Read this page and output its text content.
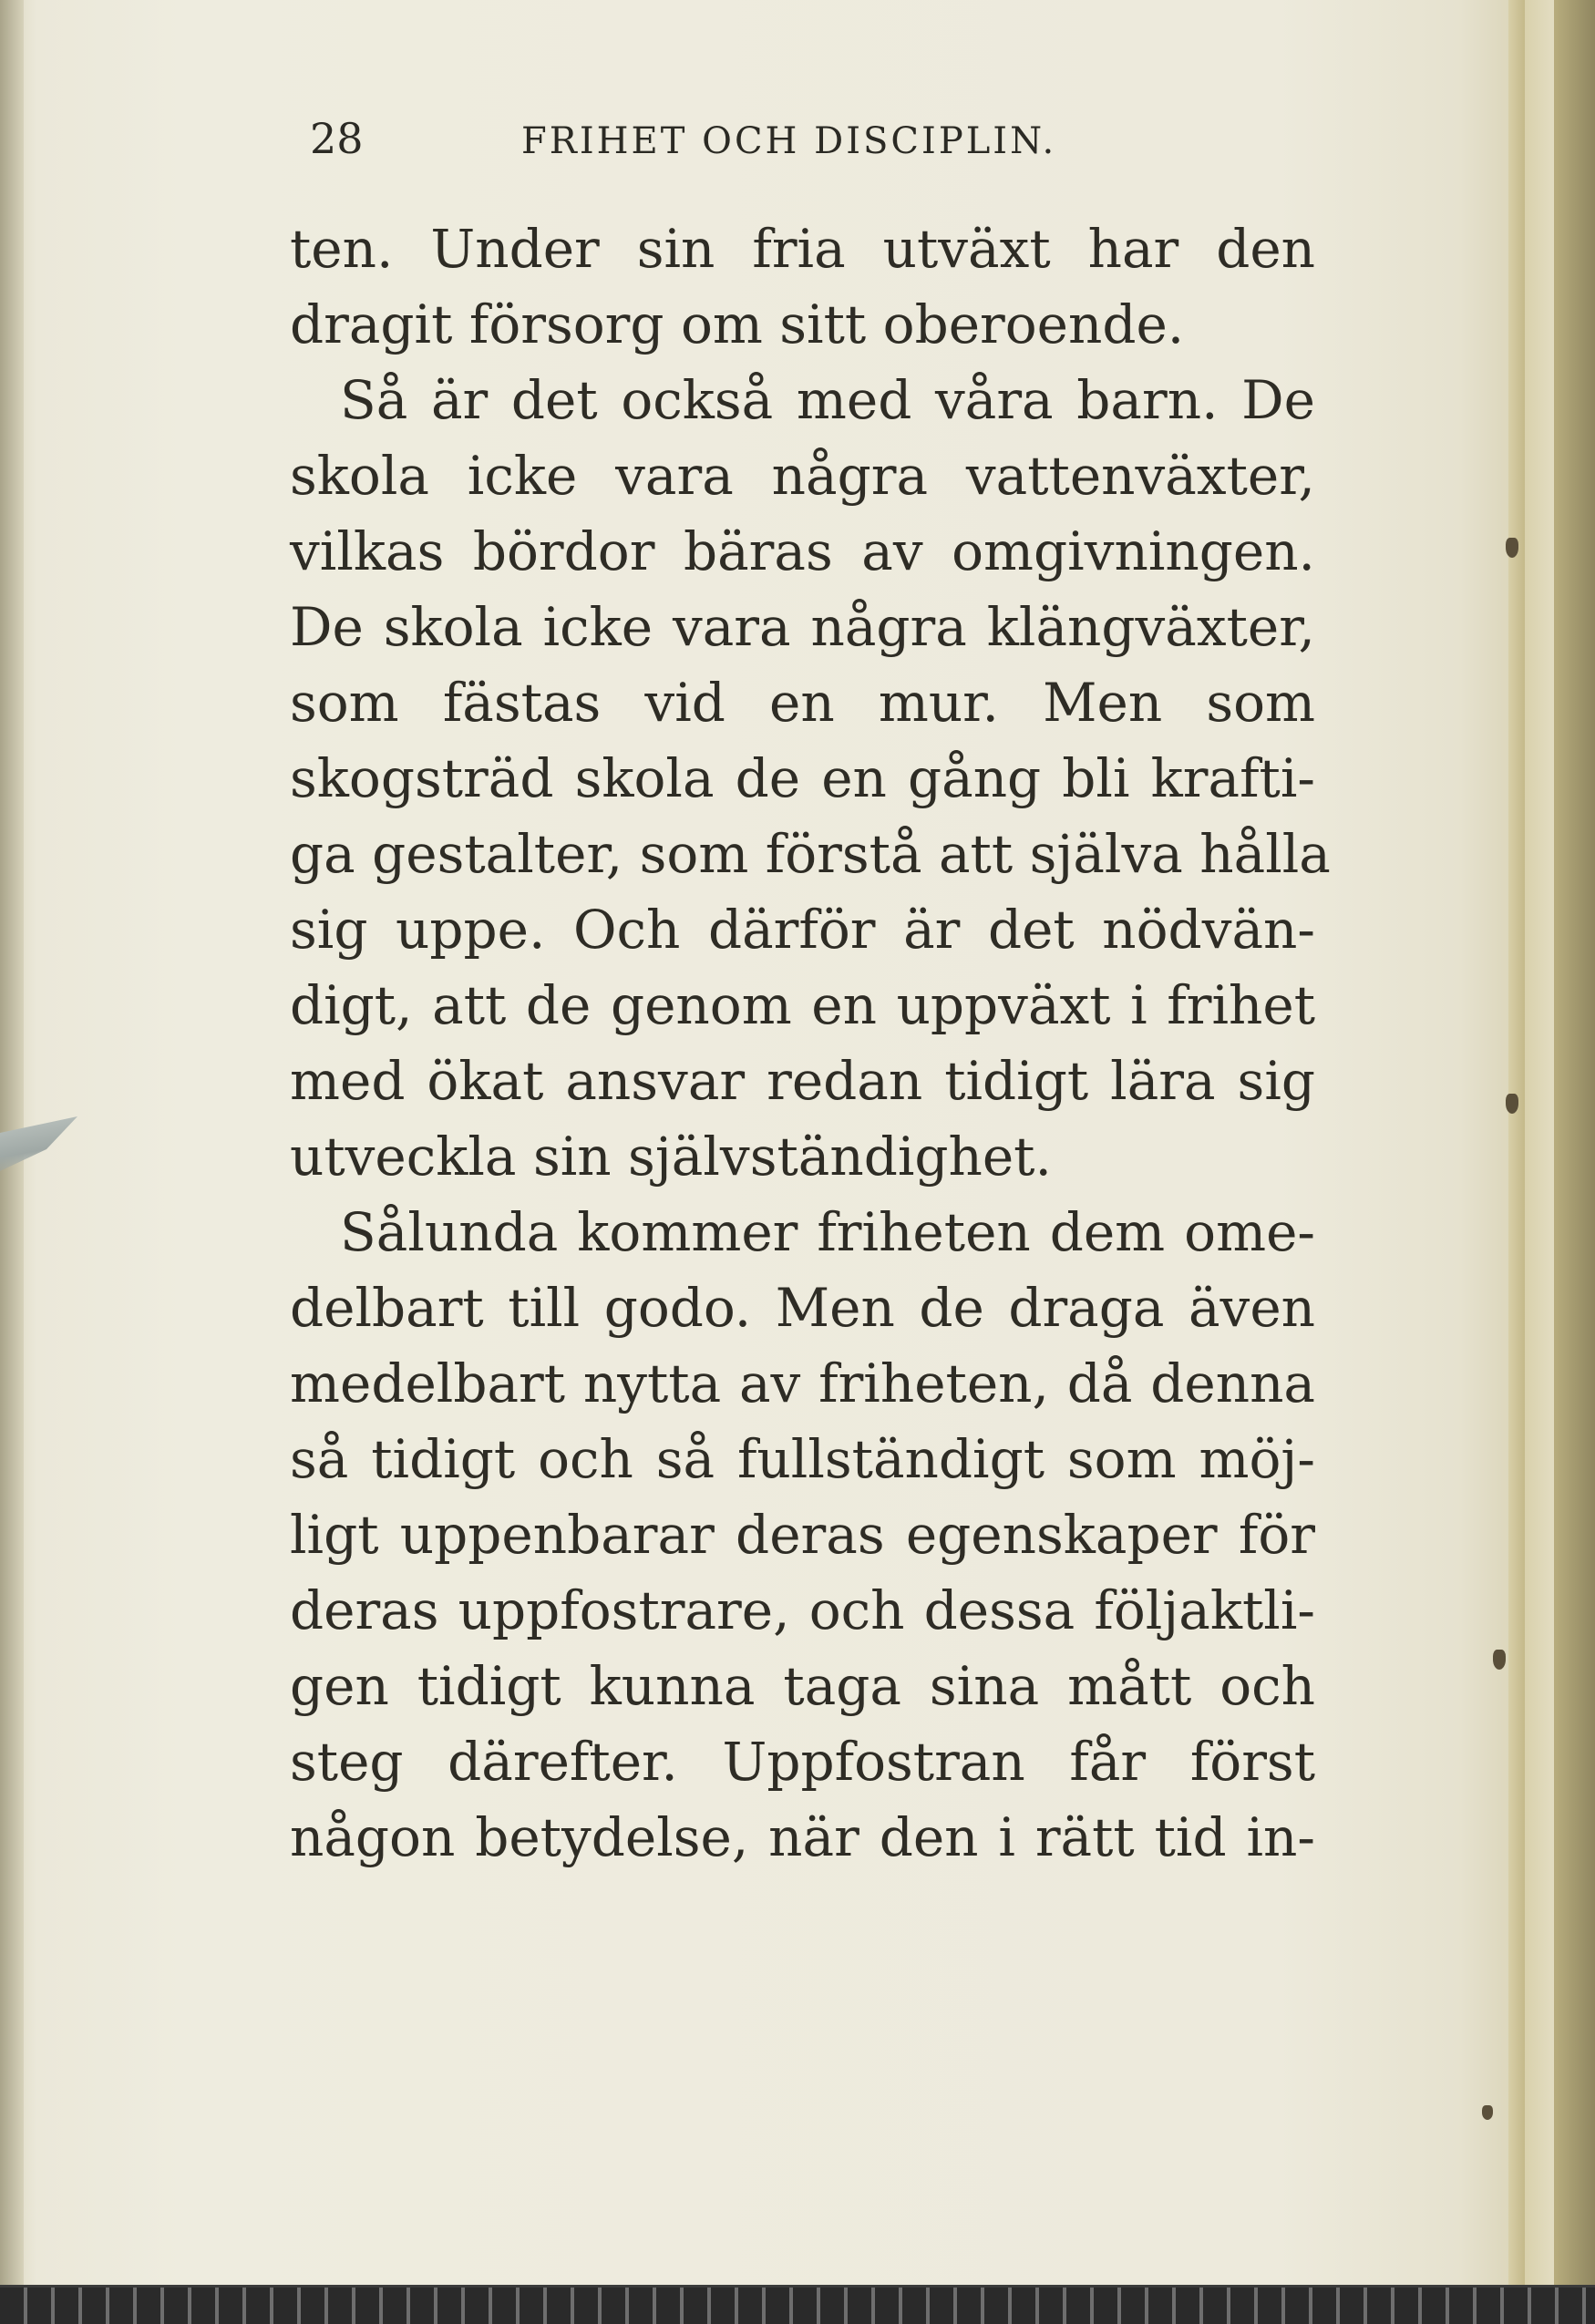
28	FRIHET OCH DISCIPLIN.
ten. Under sin fria utväxt har den
dragit försorg om sitt oberoende.
Så är det också med våra barn. De
skola icke vara några vattenväxter,
vilkas bördor bäras av omgivningen.
De skola icke vara några klängväxter,
som fästas vid en mur. Men som
skogsträd skola de en gång bli krafti-
ga gestalter, som förstå att själva hålla
sig uppe. Och därför är det nödvän-
digt, att de genom en uppväxt i frihet
med ökat ansvar redan tidigt lära sig
utveckla sin självständighet.
Sålunda kommer friheten dem ome-
delbart till godo. Men de draga även
medelbart nytta av friheten, då denna
så tidigt och så fullständigt som möj-
ligt uppenbarar deras egenskaper för
deras uppfostrare, och dessa följaktli-
gen tidigt kunna taga sina mått och
steg därefter. Uppfostran får först
någon betydelse, när den i rätt tid in-
